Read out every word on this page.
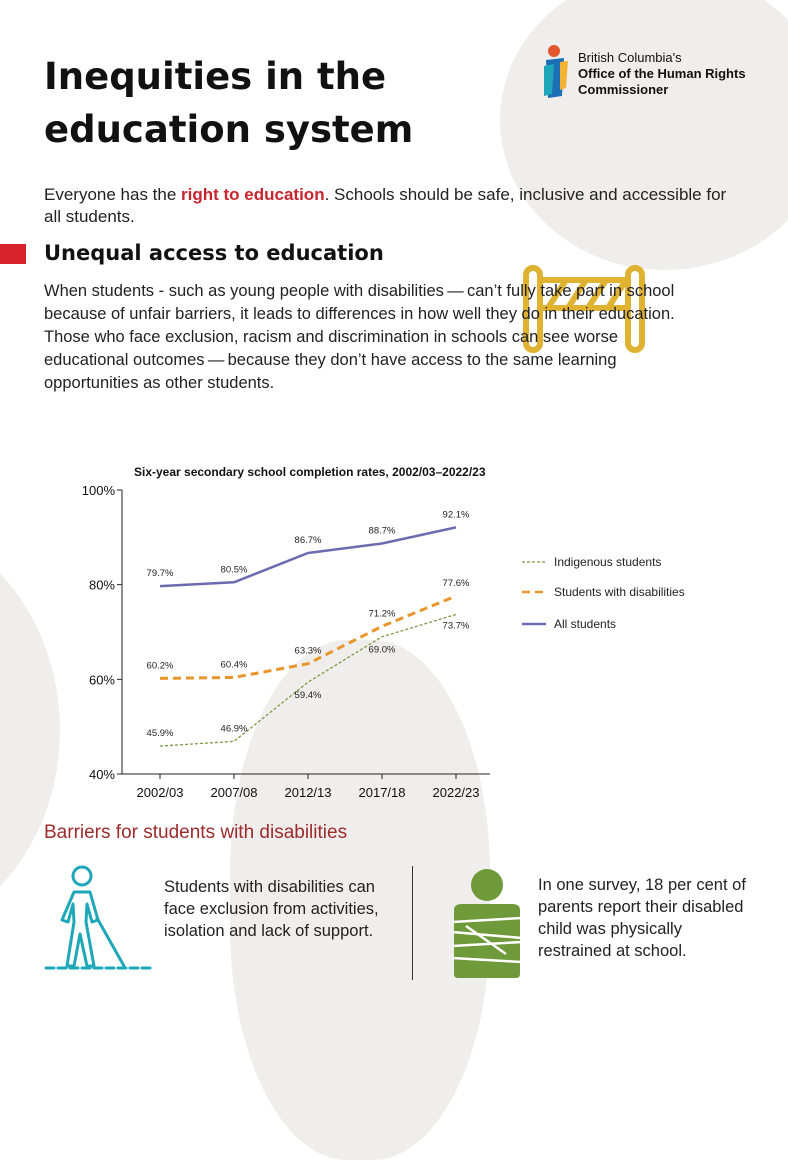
Inequities in the education system
British Columbia's
Office of the Human Rights
Commissioner
Everyone has the right to education. Schools should be safe, inclusive and accessible for all students.
Unequal access to education
When students - such as young people with disabilities — can’t fully take part in school because of unfair barriers, it leads to differences in how well they do in their education. Those who face exclusion, racism and discrimination in schools can see worse educational outcomes — because they don’t have access to the same learning opportunities as other students.
Six-year secondary school completion rates, 2002/03–2022/23
40%
60%
80%
100%
2002/03 2007/08 2012/13 2017/18 2022/23
45.9%	46.9%
59.4%
69.0%
73.7%
60.2%	60.4%
63.3%
71.2%
77.6%
79.7%	80.5%
86.7%
88.7%
92.1%
Indigenous students
Students with disabilities
All students
Barriers for students with disabilities
Students with disabilities can face exclusion from activities, isolation and lack of support.
In one survey, 18 per cent of parents report their disabled child was physically restrained at school.
